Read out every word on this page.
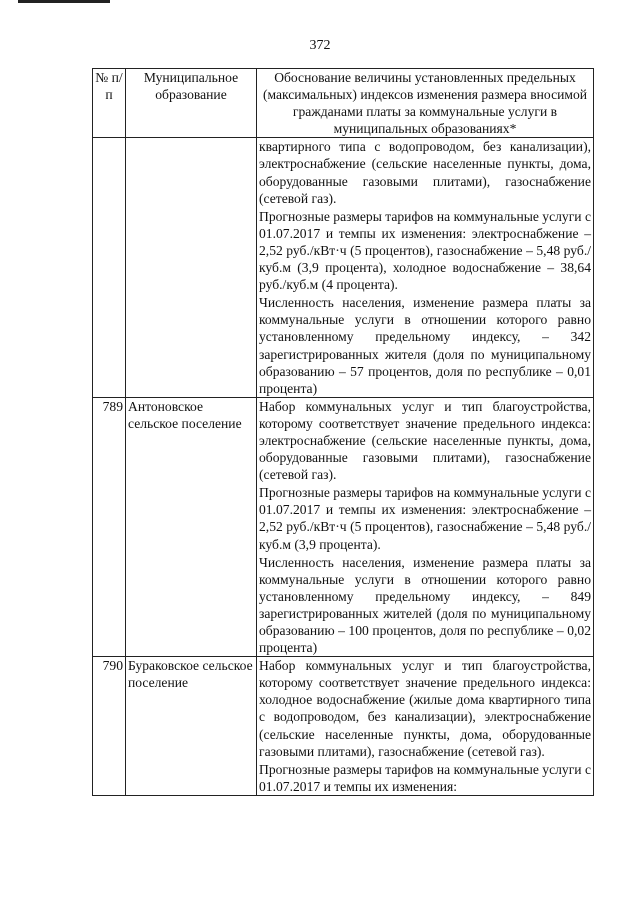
372
№ п/п	Муниципальное образование	Обоснование величины установленных предельных (максимальных) индексов изменения размера вносимой гражданами платы за коммунальные услуги в муниципальных образованиях*

		квартирного типа с водопроводом, без канализации), электроснабжение (сельские населенные пункты, дома, оборудованные газовыми плитами), газоснабжение (сетевой газ).

Прогнозные размеры тарифов на коммунальные услуги с 01.07.2017 и темпы их изменения: электроснабжение – 2,52 руб./кВт·ч (5 процентов), газоснабжение – 5,48 руб./куб.м (3,9 процента), холодное водоснабжение – 38,64 руб./куб.м (4 процента).

Численность населения, изменение размера платы за коммунальные услуги в отношении которого равно установленному предельному индексу, – 342 зарегистрированных жителя (доля по муниципальному образованию – 57 процентов, доля по республике – 0,01 процента)

789	Антоновское сельское поселение	Набор коммунальных услуг и тип благоустройства, которому соответствует значение предельного индекса: электроснабжение (сельские населенные пункты, дома, оборудованные газовыми плитами), газоснабжение (сетевой газ).

Прогнозные размеры тарифов на коммунальные услуги с 01.07.2017 и темпы их изменения: электроснабжение – 2,52 руб./кВт·ч (5 процентов), газоснабжение – 5,48 руб./куб.м (3,9 процента).

Численность населения, изменение размера платы за коммунальные услуги в отношении которого равно установленному предельному индексу, – 849 зарегистрированных жителей (доля по муниципальному образованию – 100 процентов, доля по республике – 0,02 процента)

790	Бураковское сельское поселение	Набор коммунальных услуг и тип благоустройства, которому соответствует значение предельного индекса: холодное водоснабжение (жилые дома квартирного типа с водопроводом, без канализации), электроснабжение (сельские населенные пункты, дома, оборудованные газовыми плитами), газоснабжение (сетевой газ).

Прогнозные размеры тарифов на коммунальные услуги с 01.07.2017 и темпы их изменения:
